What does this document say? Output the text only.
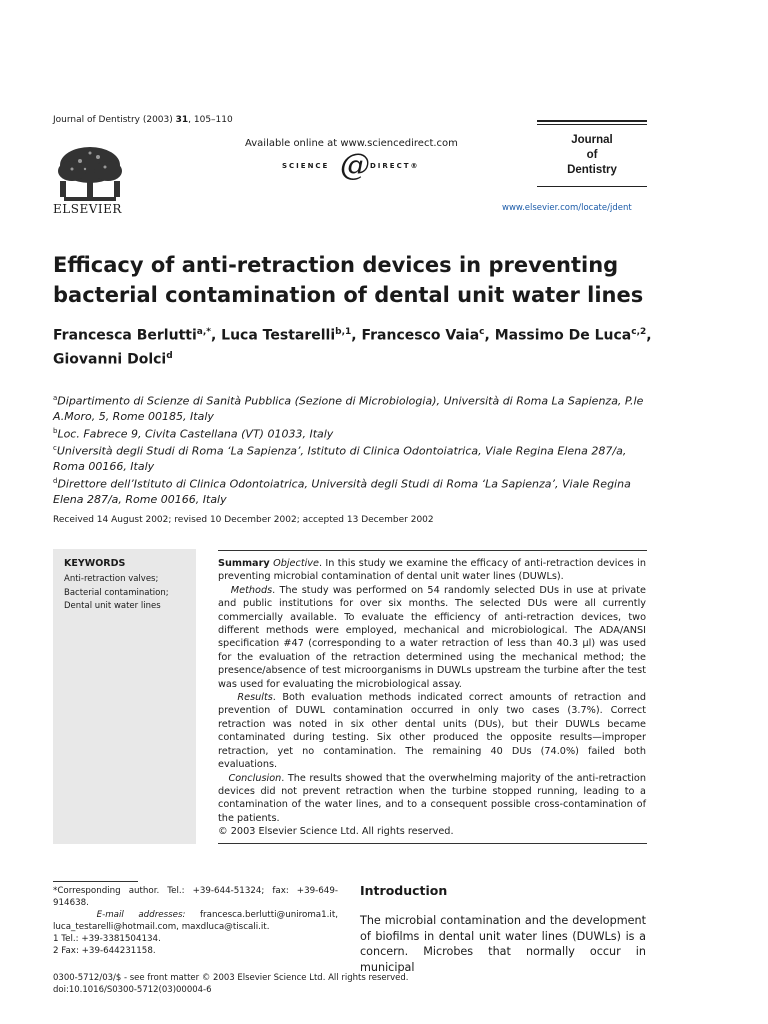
Journal of Dentistry (2003) 31, 105–110
ELSEVIER
Available online at www.sciencedirect.com
SCIENCE @ DIRECT®
Journal
of
Dentistry
www.elsevier.com/locate/jdent
Efficacy of anti-retraction devices in preventing
bacterial contamination of dental unit water lines
Francesca Berlutti$^{a,*}$, Luca Testarelli$^{b,1}$, Francesco Vaia$^c$, Massimo De Luca$^{c,2}$, Giovanni Dolci$^d$
$^a$Dipartimento di Scienze di Sanità Pubblica (Sezione di Microbiologia), Università di Roma La Sapienza, P.le A.Moro, 5, Rome 00185, Italy
$^b$Loc. Fabrece 9, Civita Castellana (VT) 01033, Italy
$^c$Università degli Studi di Roma ‘La Sapienza’, Istituto di Clinica Odontoiatrica, Viale Regina Elena 287/a, Roma 00166, Italy
$^d$Direttore dell’Istituto di Clinica Odontoiatrica, Università degli Studi di Roma ‘La Sapienza’, Viale Regina Elena 287/a, Rome 00166, Italy
Received 14 August 2002; revised 10 December 2002; accepted 13 December 2002
KEYWORDS
Anti-retraction valves;
Bacterial contamination;
Dental unit water lines

Summary Objective. In this study we examine the efficacy of anti-retraction devices in preventing microbial contamination of dental unit water lines (DUWLs).

Methods. The study was performed on 54 randomly selected DUs in use at private and public institutions for over six months. The selected DUs were all currently commercially available. To evaluate the efficiency of anti-retraction devices, two different methods were employed, mechanical and microbiological. The ADA/ANSI specification #47 (corresponding to a water retraction of less than 40.3 µl) was used for the evaluation of the retraction determined using the mechanical method; the presence/absence of test microorganisms in DUWLs upstream the turbine after the test was used for evaluating the microbiological assay.

Results. Both evaluation methods indicated correct amounts of retraction and prevention of DUWL contamination occurred in only two cases (3.7%). Correct retraction was noted in six other dental units (DUs), but their DUWLs became contaminated during testing. Six other produced the opposite results—improper retraction, yet no contamination. The remaining 40 DUs (74.0%) failed both evaluations.

Conclusion. The results showed that the overwhelming majority of the anti-retraction devices did not prevent retraction when the turbine stopped running, leading to a contamination of the water lines, and to a consequent possible cross-contamination of the patients.

© 2003 Elsevier Science Ltd. All rights reserved.

*Corresponding author. Tel.: +39-644-51324; fax: +39-649-914638.
E-mail addresses: francesca.berlutti@uniroma1.it, luca_testarelli@hotmail.com, maxdluca@tiscali.it.
1 Tel.: +39-3381504134.
2 Fax: +39-644231158.
Introduction
The microbial contamination and the development of biofilms in dental unit water lines (DUWLs) is a concern. Microbes that normally occur in municipal
0300-5712/03/$ - see front matter © 2003 Elsevier Science Ltd. All rights reserved.
doi:10.1016/S0300-5712(03)00004-6
